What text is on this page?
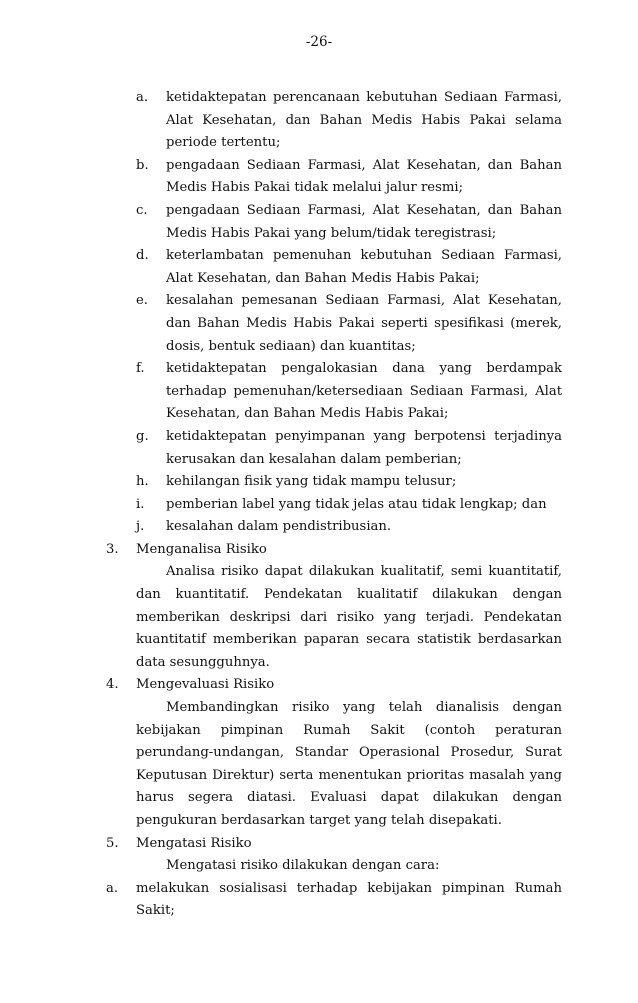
-26-
a.	ketidaktepatan perencanaan kebutuhan Sediaan Farmasi, Alat Kesehatan, dan Bahan Medis Habis Pakai selama periode tertentu;
b.	pengadaan Sediaan Farmasi, Alat Kesehatan, dan Bahan Medis Habis Pakai tidak melalui jalur resmi;
c.	pengadaan Sediaan Farmasi, Alat Kesehatan, dan Bahan Medis Habis Pakai yang belum/tidak teregistrasi;
d.	keterlambatan pemenuhan kebutuhan Sediaan Farmasi, Alat Kesehatan, dan Bahan Medis Habis Pakai;
e.	kesalahan pemesanan Sediaan Farmasi, Alat Kesehatan, dan Bahan Medis Habis Pakai seperti spesifikasi (merek, dosis, bentuk sediaan) dan kuantitas;
f.	ketidaktepatan pengalokasian dana yang berdampak terhadap pemenuhan/ketersediaan Sediaan Farmasi, Alat Kesehatan, dan Bahan Medis Habis Pakai;
g.	ketidaktepatan penyimpanan yang berpotensi terjadinya kerusakan dan kesalahan dalam pemberian;
h.	kehilangan fisik yang tidak mampu telusur;
i.	pemberian label yang tidak jelas atau tidak lengkap; dan
j.	kesalahan dalam pendistribusian.
3.	Menganalisa Risiko
Analisa risiko dapat dilakukan kualitatif, semi kuantitatif, dan kuantitatif. Pendekatan kualitatif dilakukan dengan memberikan deskripsi dari risiko yang terjadi. Pendekatan kuantitatif memberikan paparan secara statistik berdasarkan data sesungguhnya.
4.	Mengevaluasi Risiko
Membandingkan risiko yang telah dianalisis dengan kebijakan pimpinan Rumah Sakit (contoh peraturan perundang-undangan, Standar Operasional Prosedur, Surat Keputusan Direktur) serta menentukan prioritas masalah yang harus segera diatasi. Evaluasi dapat dilakukan dengan pengukuran berdasarkan target yang telah disepakati.
5.	Mengatasi Risiko
Mengatasi risiko dilakukan dengan cara:
a.	melakukan sosialisasi terhadap kebijakan pimpinan Rumah Sakit;
